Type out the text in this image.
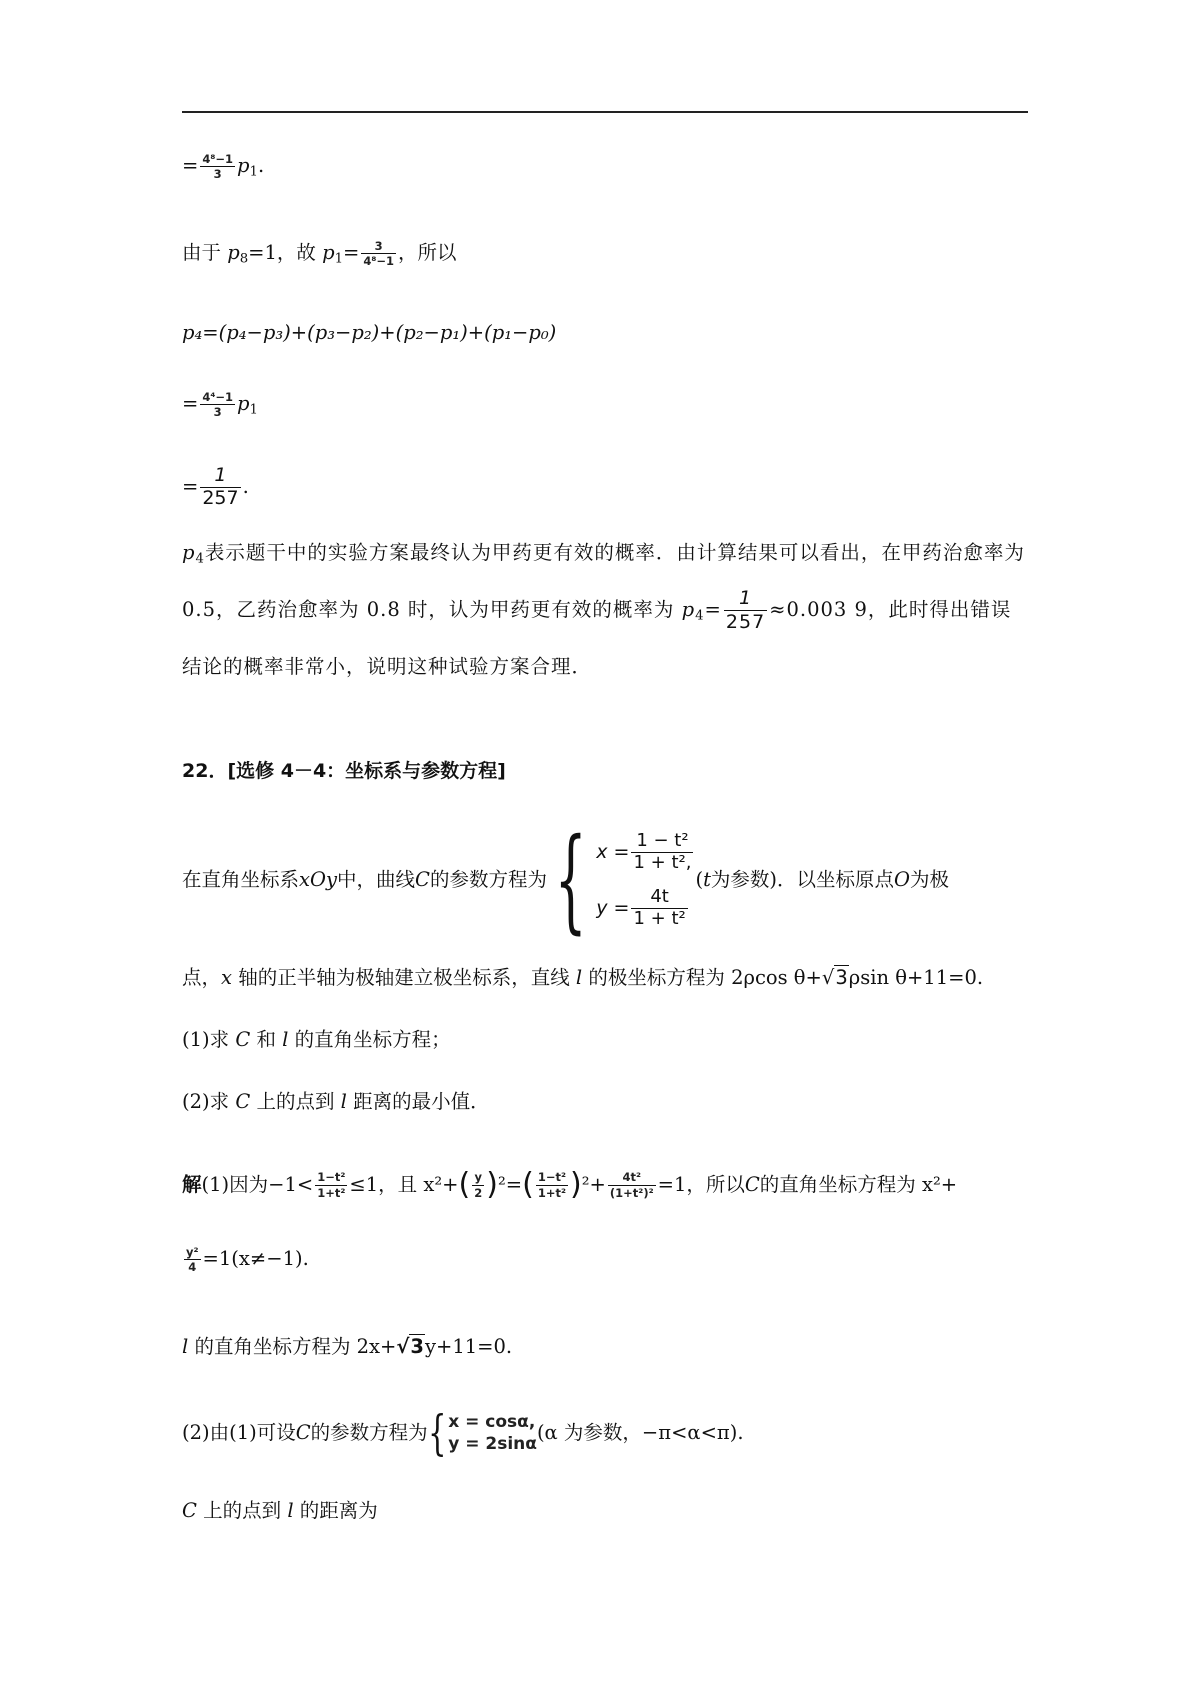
= $\frac{\text{4⁸−1}}{3} p_1$.
由于 $p_8=1$，故 $p_1= \frac{3}{\text{4⁸−1}}$ ，所以
p₄=(p₄−p₃)+(p₃−p₂)+(p₂−p₁)+(p₁−p₀)
= $\frac{\text{4⁴−1}}{3} p_1$
= $\frac{1}{257}$ .
$p_4$表示题干中的实验方案最终认为甲药更有效的概率．由计算结果可以看出，在甲药治愈率为 0.5，乙药治愈率为 0.8 时，认为甲药更有效的概率为 $p_4= \frac{1}{257} \approx 0.003$ 9，此时得出错误结论的概率非常小，说明这种试验方案合理．
22．[选修 4－4：坐标系与参数方程]
在直角坐标系 xOy 中，曲线 C 的参数方程为 { $x = \frac{\text{1 − t²}}{\text{1 + t²,}}$
$y = \frac{4t}{\text{1 + t²}}$
( t 为参数)．以坐标原点 O 为极
点，x 轴的正半轴为极轴建立极坐标系，直线 l 的极坐标方程为 2ρcos θ+√3ρsin θ+11=0.
(1)求 C 和 l 的直角坐标方程；
(2)求 C 上的点到 l 距离的最小值．
解 (1)因为$-1< \frac{\text{1−t²}}{\text{1+t²}} \le 1$，且 x²+ ( $\frac{y}{2}$ ) ²= ( $\frac{\text{1−t²}}{\text{1+t²}}$ ) $^2+ \frac{\text{4t²}}{\text{(1+t²)²}} =1$，所以 C 的直角坐标方程为 x²+
$\frac{\text{y²}}{4} =1(x\ne-1)$.
l 的直角坐标方程为 2x+√3y+11=0.
(2)由(1)可设 C 的参数方程为 { x = cosα,
y = 2sinα (α 为参数，−π<α<π).
C 上的点到 l 的距离为
